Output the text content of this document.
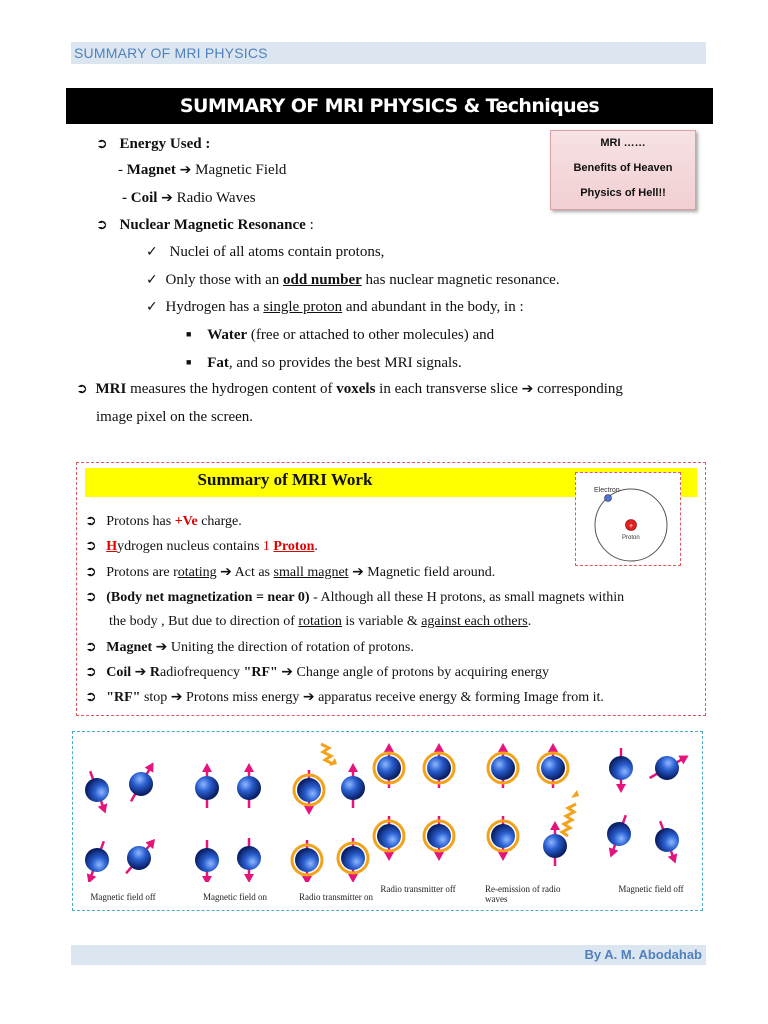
SUMMARY OF MRI PHYSICS
SUMMARY OF MRI PHYSICS & Techniques
MRI ……
Benefits of Heaven
Physics of Hell!!
➲ Energy Used :
- Magnet ➔ Magnetic Field
- Coil ➔ Radio Waves
➲ Nuclear Magnetic Resonance :
✓ Nuclei of all atoms contain protons,
✓ Only those with an odd number has nuclear magnetic resonance.
✓ Hydrogen has a single proton and abundant in the body, in :
■ Water (free or attached to other molecules) and
■ Fat, and so provides the best MRI signals.
➲ MRI measures the hydrogen content of voxels in each transverse slice ➔ corresponding
image pixel on the screen.
Summary of MRI Work
Electron
+
Proton
➲ Protons has +Ve charge.
➲ Hydrogen nucleus contains 1 Proton.
➲ Protons are rotating ➔ Act as small magnet ➔ Magnetic field around.
➲ (Body net magnetization = near 0) - Although all these H protons, as small magnets within
the body , But due to direction of rotation is variable & against each others.
➲ Magnet ➔ Uniting the direction of rotation of protons.
➲ Coil ➔ Radiofrequency "RF" ➔ Change angle of protons by acquiring energy
➲ "RF" stop ➔ Protons miss energy ➔ apparatus receive energy & forming Image from it.
Magnetic field off	Magnetic field on	Radio transmitter on
Radio transmitter off	Re-emission of radio waves
Magnetic field off
By A. M. Abodahab
